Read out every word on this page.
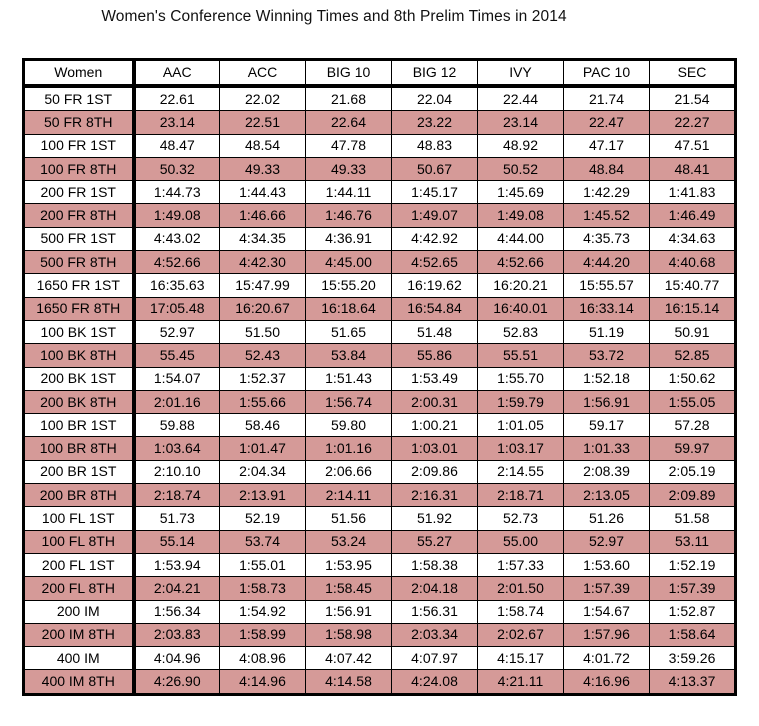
Women's Conference Winning Times and 8th Prelim Times in 2014
Women	AAC	ACC	BIG 10	BIG 12	IVY	PAC 10	SEC
50 FR 1ST	22.61	22.02	21.68	22.04	22.44	21.74	21.54
50 FR 8TH	23.14	22.51	22.64	23.22	23.14	22.47	22.27
100 FR 1ST	48.47	48.54	47.78	48.83	48.92	47.17	47.51
100 FR 8TH	50.32	49.33	49.33	50.67	50.52	48.84	48.41
200 FR 1ST	1:44.73	1:44.43	1:44.11	1:45.17	1:45.69	1:42.29	1:41.83
200 FR 8TH	1:49.08	1:46.66	1:46.76	1:49.07	1:49.08	1:45.52	1:46.49
500 FR 1ST	4:43.02	4:34.35	4:36.91	4:42.92	4:44.00	4:35.73	4:34.63
500 FR 8TH	4:52.66	4:42.30	4:45.00	4:52.65	4:52.66	4:44.20	4:40.68
1650 FR 1ST	16:35.63	15:47.99	15:55.20	16:19.62	16:20.21	15:55.57	15:40.77
1650 FR 8TH	17:05.48	16:20.67	16:18.64	16:54.84	16:40.01	16:33.14	16:15.14
100 BK 1ST	52.97	51.50	51.65	51.48	52.83	51.19	50.91
100 BK 8TH	55.45	52.43	53.84	55.86	55.51	53.72	52.85
200 BK 1ST	1:54.07	1:52.37	1:51.43	1:53.49	1:55.70	1:52.18	1:50.62
200 BK 8TH	2:01.16	1:55.66	1:56.74	2:00.31	1:59.79	1:56.91	1:55.05
100 BR 1ST	59.88	58.46	59.80	1:00.21	1:01.05	59.17	57.28
100 BR 8TH	1:03.64	1:01.47	1:01.16	1:03.01	1:03.17	1:01.33	59.97
200 BR 1ST	2:10.10	2:04.34	2:06.66	2:09.86	2:14.55	2:08.39	2:05.19
200 BR 8TH	2:18.74	2:13.91	2:14.11	2:16.31	2:18.71	2:13.05	2:09.89
100 FL 1ST	51.73	52.19	51.56	51.92	52.73	51.26	51.58
100 FL 8TH	55.14	53.74	53.24	55.27	55.00	52.97	53.11
200 FL 1ST	1:53.94	1:55.01	1:53.95	1:58.38	1:57.33	1:53.60	1:52.19
200 FL 8TH	2:04.21	1:58.73	1:58.45	2:04.18	2:01.50	1:57.39	1:57.39
200 IM	1:56.34	1:54.92	1:56.91	1:56.31	1:58.74	1:54.67	1:52.87
200 IM 8TH	2:03.83	1:58.99	1:58.98	2:03.34	2:02.67	1:57.96	1:58.64
400 IM	4:04.96	4:08.96	4:07.42	4:07.97	4:15.17	4:01.72	3:59.26
400 IM 8TH	4:26.90	4:14.96	4:14.58	4:24.08	4:21.11	4:16.96	4:13.37
